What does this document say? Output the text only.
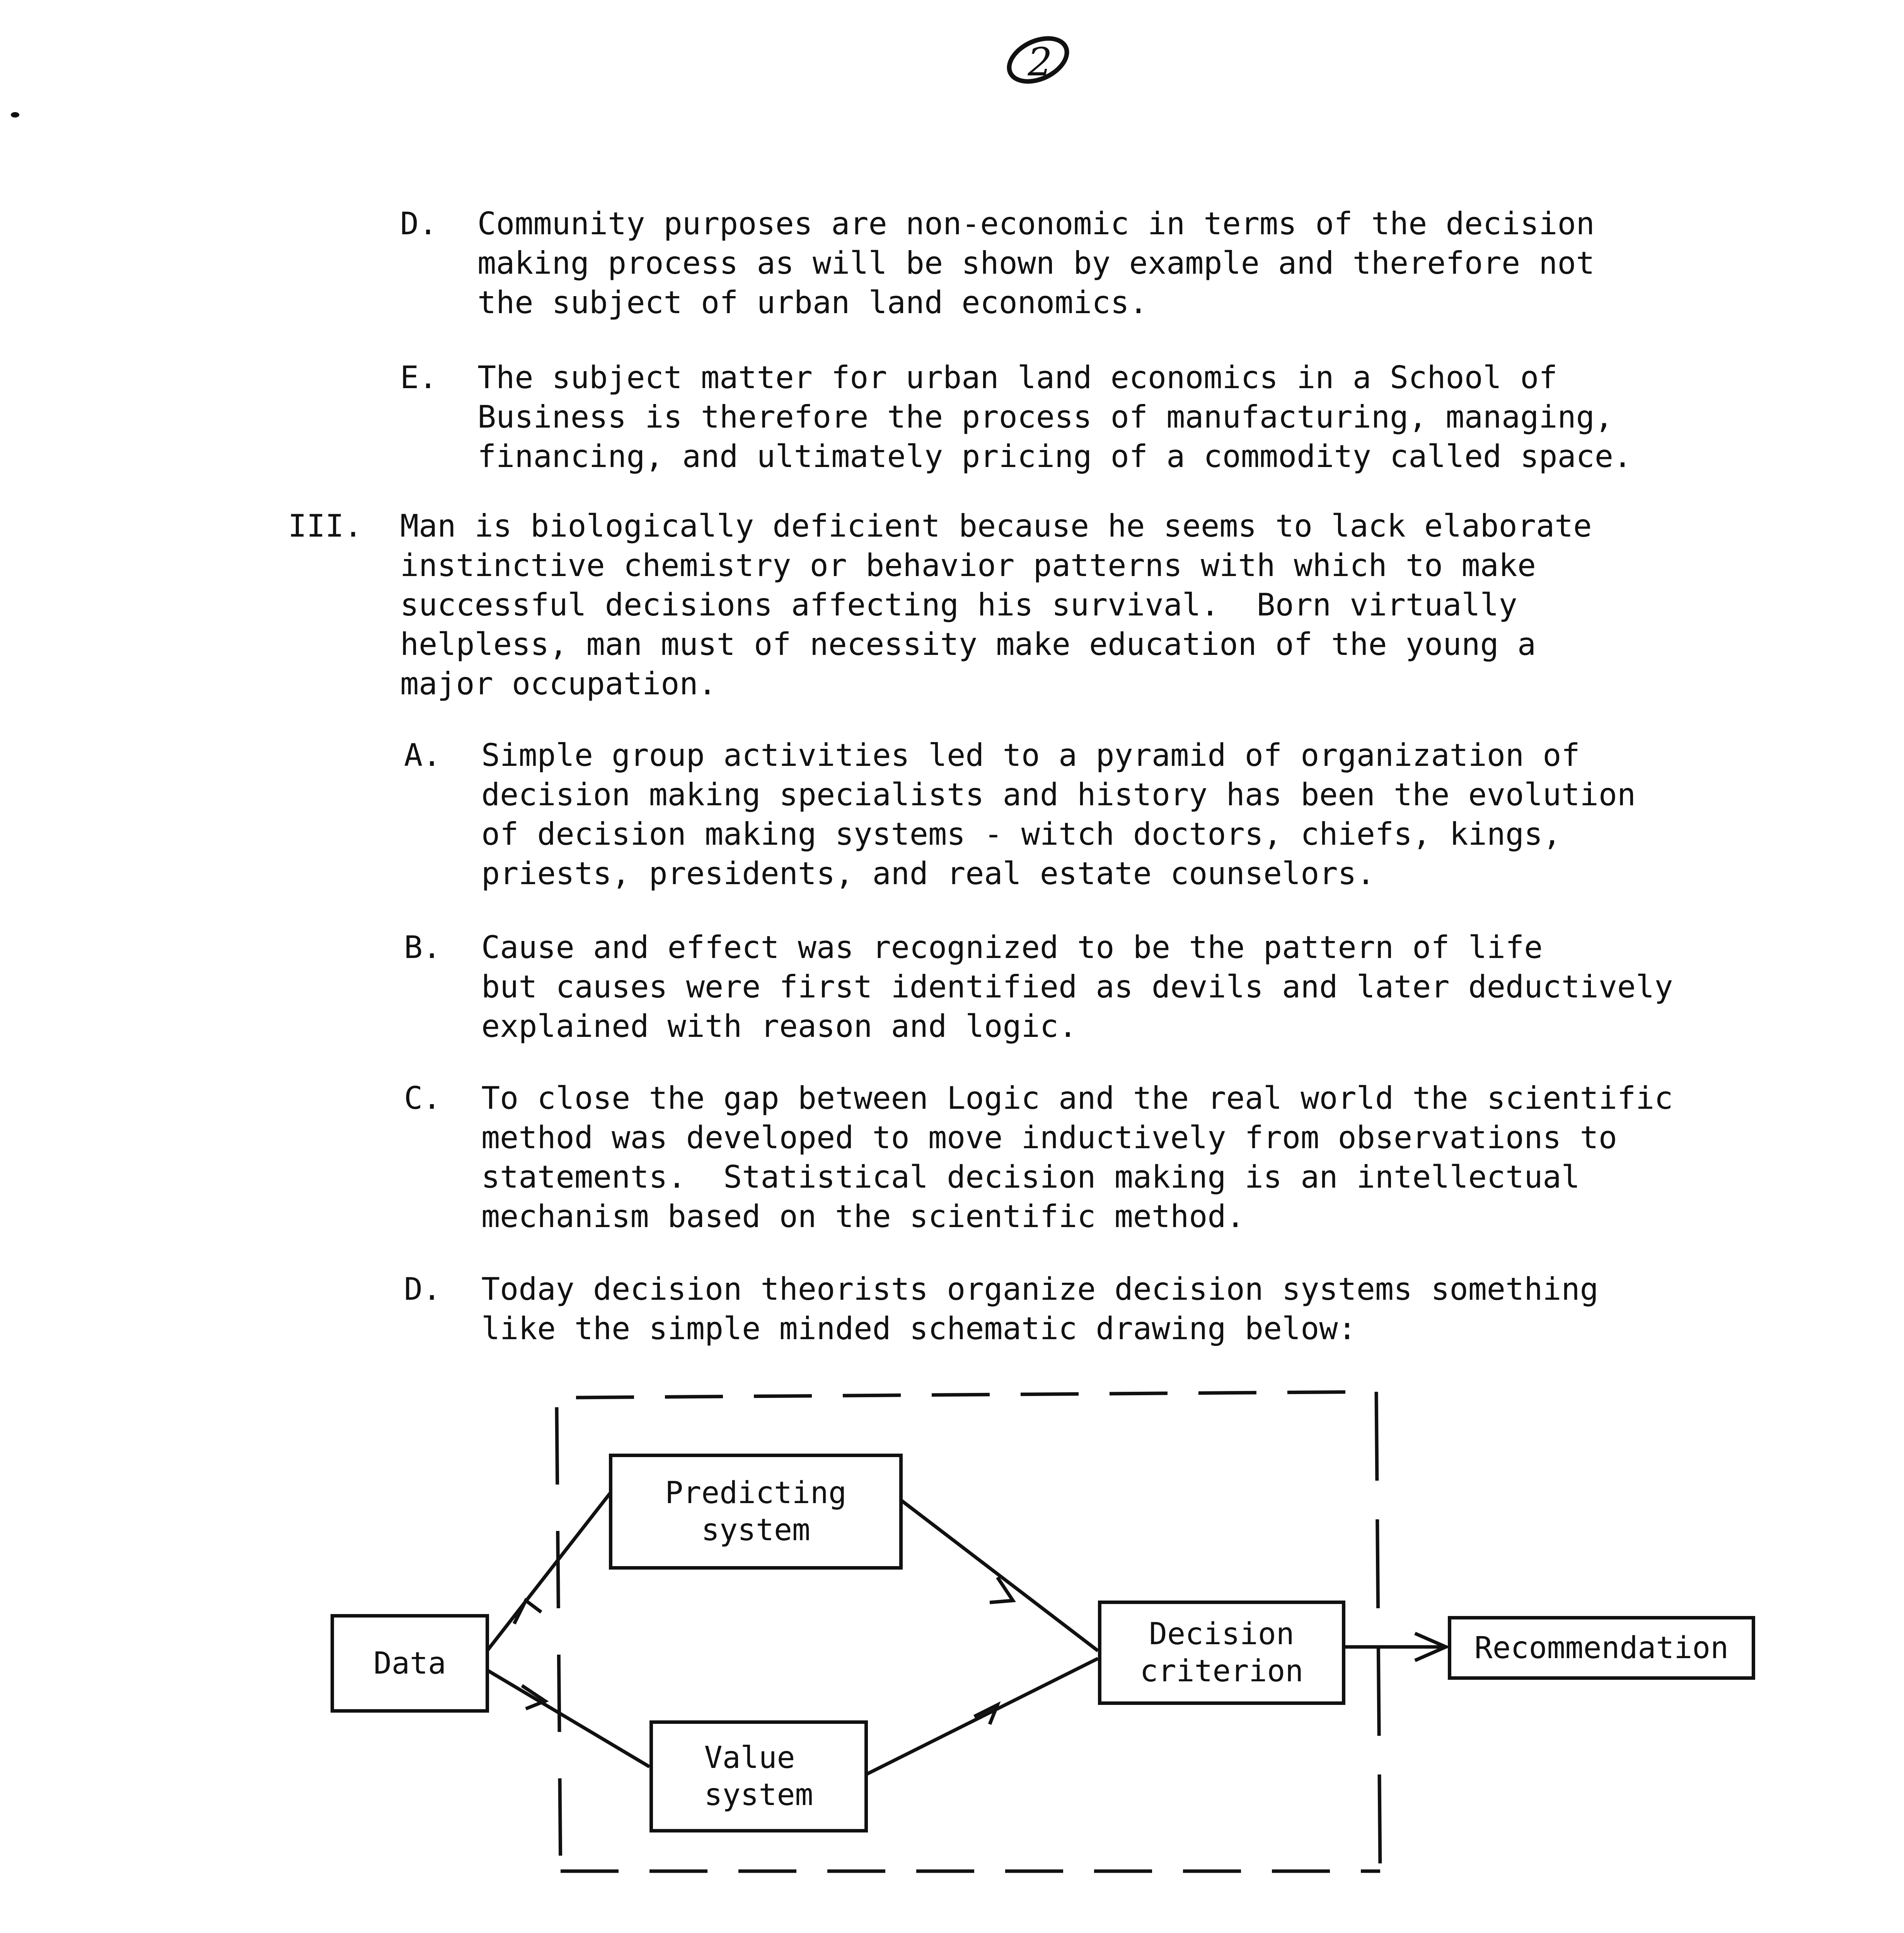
2
D. Community purposes are non-economic in terms of the decision
making process as will be shown by example and therefore not
the subject of urban land economics.
E. The subject matter for urban land economics in a School of
Business is therefore the process of manufacturing, managing,
financing, and ultimately pricing of a commodity called space.
III. Man is biologically deficient because he seems to lack elaborate
instinctive chemistry or behavior patterns with which to make
successful decisions affecting his survival.  Born virtually
helpless, man must of necessity make education of the young a
major occupation.
A. Simple group activities led to a pyramid of organization of
decision making specialists and history has been the evolution
of decision making systems - witch doctors, chiefs, kings,
priests, presidents, and real estate counselors.
B. Cause and effect was recognized to be the pattern of life
but causes were first identified as devils and later deductively
explained with reason and logic.
C. To close the gap between Logic and the real world the scientific
method was developed to move inductively from observations to
statements.  Statistical decision making is an intellectual
mechanism based on the scientific method.
D. Today decision theorists organize decision systems something
like the simple minded schematic drawing below:
Data
Predicting
system
Value
system
Decision
criterion
Recommendation
